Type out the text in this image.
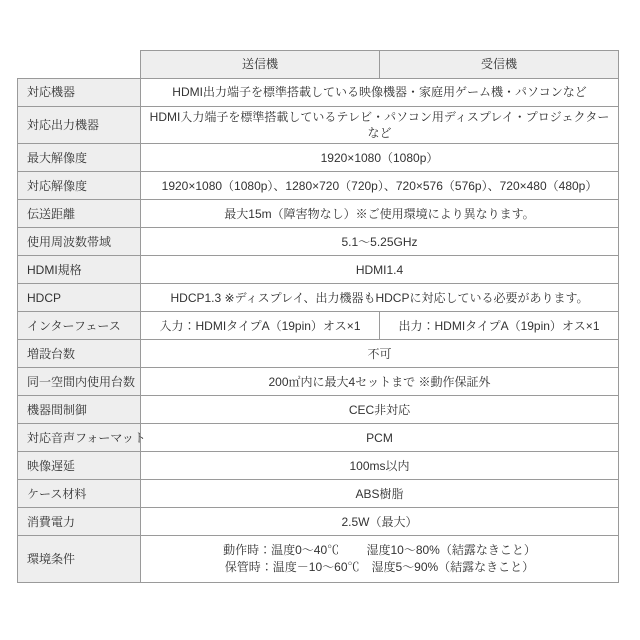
	送信機	受信機
対応機器	HDMI出力端子を標準搭載している映像機器・家庭用ゲーム機・パソコンなど	
対応出力機器	HDMI入力端子を標準搭載しているテレビ・パソコン用ディスプレイ・プロジェクターなど	
最大解像度	1920×1080（1080p）	
対応解像度	1920×1080（1080p）、1280×720（720p）、720×576（576p）、720×480（480p）	
伝送距離	最大15m（障害物なし）※ご使用環境により異なります。	
使用周波数帯域	5.1～5.25GHz	
HDMI規格	HDMI1.4	
HDCP	HDCP1.3 ※ディスプレイ、出力機器もHDCPに対応している必要があります。	
インターフェース	入力：HDMIタイプA（19pin）オス×1	出力：HDMIタイプA（19pin）オス×1
増設台数	不可	
同一空間内使用台数	200㎡内に最大4セットまで ※動作保証外	
機器間制御	CEC非対応	
対応音声フォーマット	PCM	
映像遅延	100ms以内	
ケース材料	ABS樹脂	
消費電力	2.5W（最大）	
環境条件	動作時：温度0～40℃　　 湿度10～80%（結露なきこと）
保管時：温度－10～60℃　湿度5～90%（結露なきこと）	
